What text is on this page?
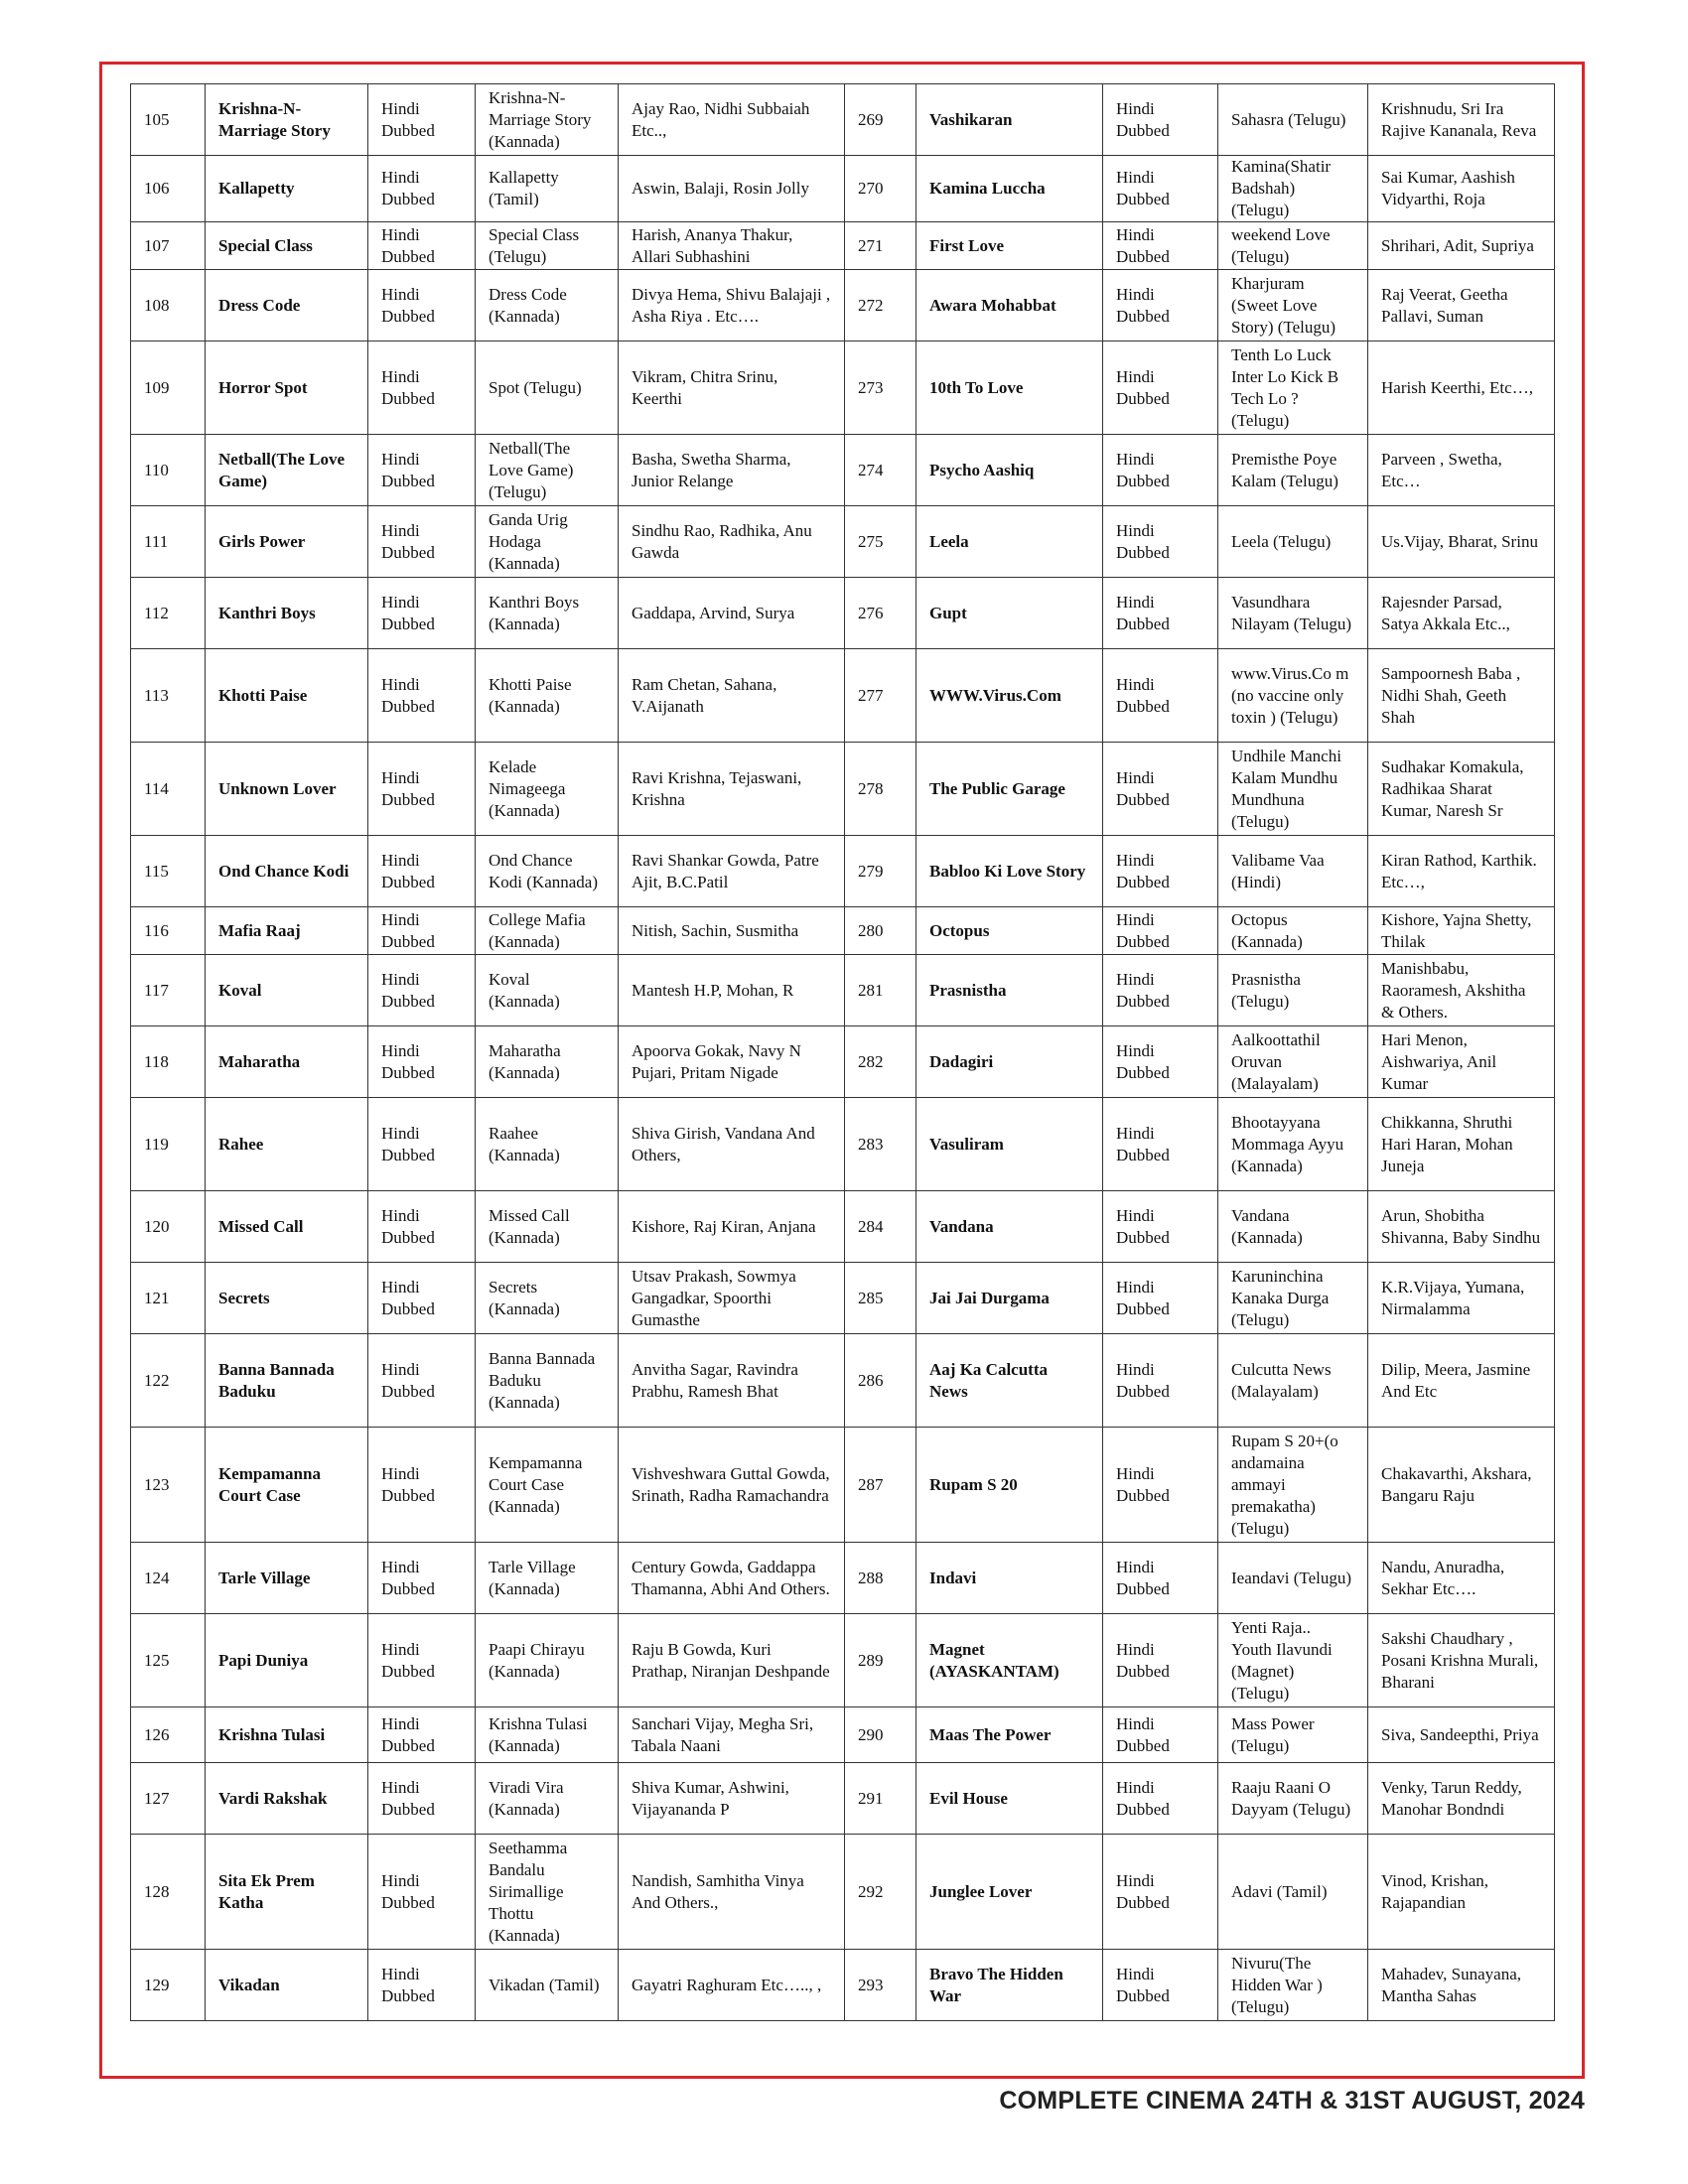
105	Krishna-N-Marriage Story	Hindi Dubbed	Krishna-N-Marriage Story (Kannada)	Ajay Rao, Nidhi Subbaiah Etc..,	269	Vashikaran	Hindi Dubbed	Sahasra (Telugu)	Krishnudu, Sri Ira Rajive Kananala, Reva
106	Kallapetty	Hindi Dubbed	Kallapetty (Tamil)	Aswin, Balaji, Rosin Jolly	270	Kamina Luccha	Hindi Dubbed	Kamina(Shatir Badshah) (Telugu)	Sai Kumar, Aashish Vidyarthi, Roja
107	Special Class	Hindi Dubbed	Special Class (Telugu)	Harish, Ananya Thakur, Allari Subhashini	271	First Love	Hindi Dubbed	weekend Love (Telugu)	Shrihari, Adit, Supriya
108	Dress Code	Hindi Dubbed	Dress Code (Kannada)	Divya Hema, Shivu Balajaji , Asha Riya . Etc….	272	Awara Mohabbat	Hindi Dubbed	Kharjuram (Sweet Love Story) (Telugu)	Raj Veerat, Geetha Pallavi, Suman
109	Horror Spot	Hindi Dubbed	Spot (Telugu)	Vikram, Chitra Srinu, Keerthi	273	10th To Love	Hindi Dubbed	Tenth Lo Luck Inter Lo Kick B Tech Lo ? (Telugu)	Harish Keerthi, Etc…,
110	Netball(The Love Game)	Hindi Dubbed	Netball(The Love Game) (Telugu)	Basha, Swetha Sharma, Junior Relange	274	Psycho Aashiq	Hindi Dubbed	Premisthe Poye Kalam (Telugu)	Parveen , Swetha, Etc…
111	Girls Power	Hindi Dubbed	Ganda Urig Hodaga (Kannada)	Sindhu Rao, Radhika, Anu Gawda	275	Leela	Hindi Dubbed	Leela (Telugu)	Us.Vijay, Bharat, Srinu
112	Kanthri Boys	Hindi Dubbed	Kanthri Boys (Kannada)	Gaddapa, Arvind, Surya	276	Gupt	Hindi Dubbed	Vasundhara Nilayam (Telugu)	Rajesnder Parsad, Satya Akkala Etc..,
113	Khotti Paise	Hindi Dubbed	Khotti Paise (Kannada)	Ram Chetan, Sahana, V.Aijanath	277	WWW.Virus.Com	Hindi Dubbed	www.Virus.Co m (no vaccine only toxin ) (Telugu)	Sampoornesh Baba , Nidhi Shah, Geeth Shah
114	Unknown Lover	Hindi Dubbed	Kelade Nimageega (Kannada)	Ravi Krishna, Tejaswani, Krishna	278	The Public Garage	Hindi Dubbed	Undhile Manchi Kalam Mundhu Mundhuna (Telugu)	Sudhakar Komakula, Radhikaa Sharat Kumar, Naresh Sr
115	Ond Chance Kodi	Hindi Dubbed	Ond Chance Kodi (Kannada)	Ravi Shankar Gowda, Patre Ajit, B.C.Patil	279	Babloo Ki Love Story	Hindi Dubbed	Valibame Vaa (Hindi)	Kiran Rathod, Karthik. Etc…,
116	Mafia Raaj	Hindi Dubbed	College Mafia (Kannada)	Nitish, Sachin, Susmitha	280	Octopus	Hindi Dubbed	Octopus (Kannada)	Kishore, Yajna Shetty, Thilak
117	Koval	Hindi Dubbed	Koval (Kannada)	Mantesh H.P, Mohan, R	281	Prasnistha	Hindi Dubbed	Prasnistha (Telugu)	Manishbabu, Raoramesh, Akshitha & Others.
118	Maharatha	Hindi Dubbed	Maharatha (Kannada)	Apoorva Gokak, Navy N Pujari, Pritam Nigade	282	Dadagiri	Hindi Dubbed	Aalkoottathil Oruvan (Malayalam)	Hari Menon, Aishwariya, Anil Kumar
119	Rahee	Hindi Dubbed	Raahee (Kannada)	Shiva Girish, Vandana And Others,	283	Vasuliram	Hindi Dubbed	Bhootayyana Mommaga Ayyu (Kannada)	Chikkanna, Shruthi Hari Haran, Mohan Juneja
120	Missed Call	Hindi Dubbed	Missed Call (Kannada)	Kishore, Raj Kiran, Anjana	284	Vandana	Hindi Dubbed	Vandana (Kannada)	Arun, Shobitha Shivanna, Baby Sindhu
121	Secrets	Hindi Dubbed	Secrets (Kannada)	Utsav Prakash, Sowmya Gangadkar, Spoorthi Gumasthe	285	Jai Jai Durgama	Hindi Dubbed	Karuninchina Kanaka Durga (Telugu)	K.R.Vijaya, Yumana, Nirmalamma
122	Banna Bannada Baduku	Hindi Dubbed	Banna Bannada Baduku (Kannada)	Anvitha Sagar, Ravindra Prabhu, Ramesh Bhat	286	Aaj Ka Calcutta News	Hindi Dubbed	Culcutta News (Malayalam)	Dilip, Meera, Jasmine And Etc
123	Kempamanna Court Case	Hindi Dubbed	Kempamanna Court Case (Kannada)	Vishveshwara Guttal Gowda, Srinath, Radha Ramachandra	287	Rupam S 20	Hindi Dubbed	Rupam S 20+(o andamaina ammayi premakatha) (Telugu)	Chakavarthi, Akshara, Bangaru Raju
124	Tarle Village	Hindi Dubbed	Tarle Village (Kannada)	Century Gowda, Gaddappa Thamanna, Abhi And Others.	288	Indavi	Hindi Dubbed	Ieandavi (Telugu)	Nandu, Anuradha, Sekhar Etc….
125	Papi Duniya	Hindi Dubbed	Paapi Chirayu (Kannada)	Raju B Gowda, Kuri Prathap, Niranjan Deshpande	289	Magnet (AYASKANTAM)	Hindi Dubbed	Yenti Raja.. Youth Ilavundi (Magnet) (Telugu)	Sakshi Chaudhary , Posani Krishna Murali, Bharani
126	Krishna Tulasi	Hindi Dubbed	Krishna Tulasi (Kannada)	Sanchari Vijay, Megha Sri, Tabala Naani	290	Maas The Power	Hindi Dubbed	Mass Power (Telugu)	Siva, Sandeepthi, Priya
127	Vardi Rakshak	Hindi Dubbed	Viradi Vira (Kannada)	Shiva Kumar, Ashwini, Vijayananda P	291	Evil House	Hindi Dubbed	Raaju Raani O Dayyam (Telugu)	Venky, Tarun Reddy, Manohar Bondndi
128	Sita Ek Prem Katha	Hindi Dubbed	Seethamma Bandalu Sirimallige Thottu (Kannada)	Nandish, Samhitha Vinya And Others.,	292	Junglee Lover	Hindi Dubbed	Adavi (Tamil)	Vinod, Krishan, Rajapandian
129	Vikadan	Hindi Dubbed	Vikadan (Tamil)	Gayatri Raghuram Etc….., ,	293	Bravo The Hidden War	Hindi Dubbed	Nivuru(The Hidden War ) (Telugu)	Mahadev, Sunayana, Mantha Sahas
COMPLETE CINEMA 24TH & 31ST AUGUST, 2024
